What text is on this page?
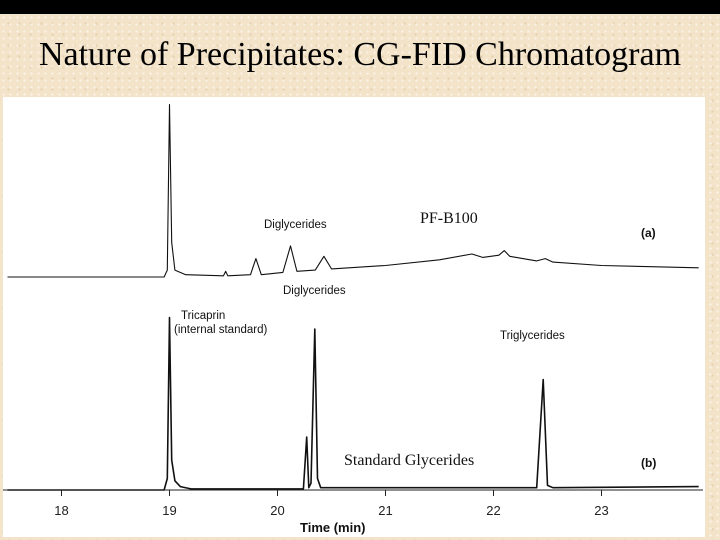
Nature of Precipitates: CG-FID Chromatogram
18	19	20	21	22	23
Diglycerides	PF-B100
(a)
Diglycerides
Tricaprin
(internal standard)	Triglycerides
Standard Glycerides	(b)
Time (min)
